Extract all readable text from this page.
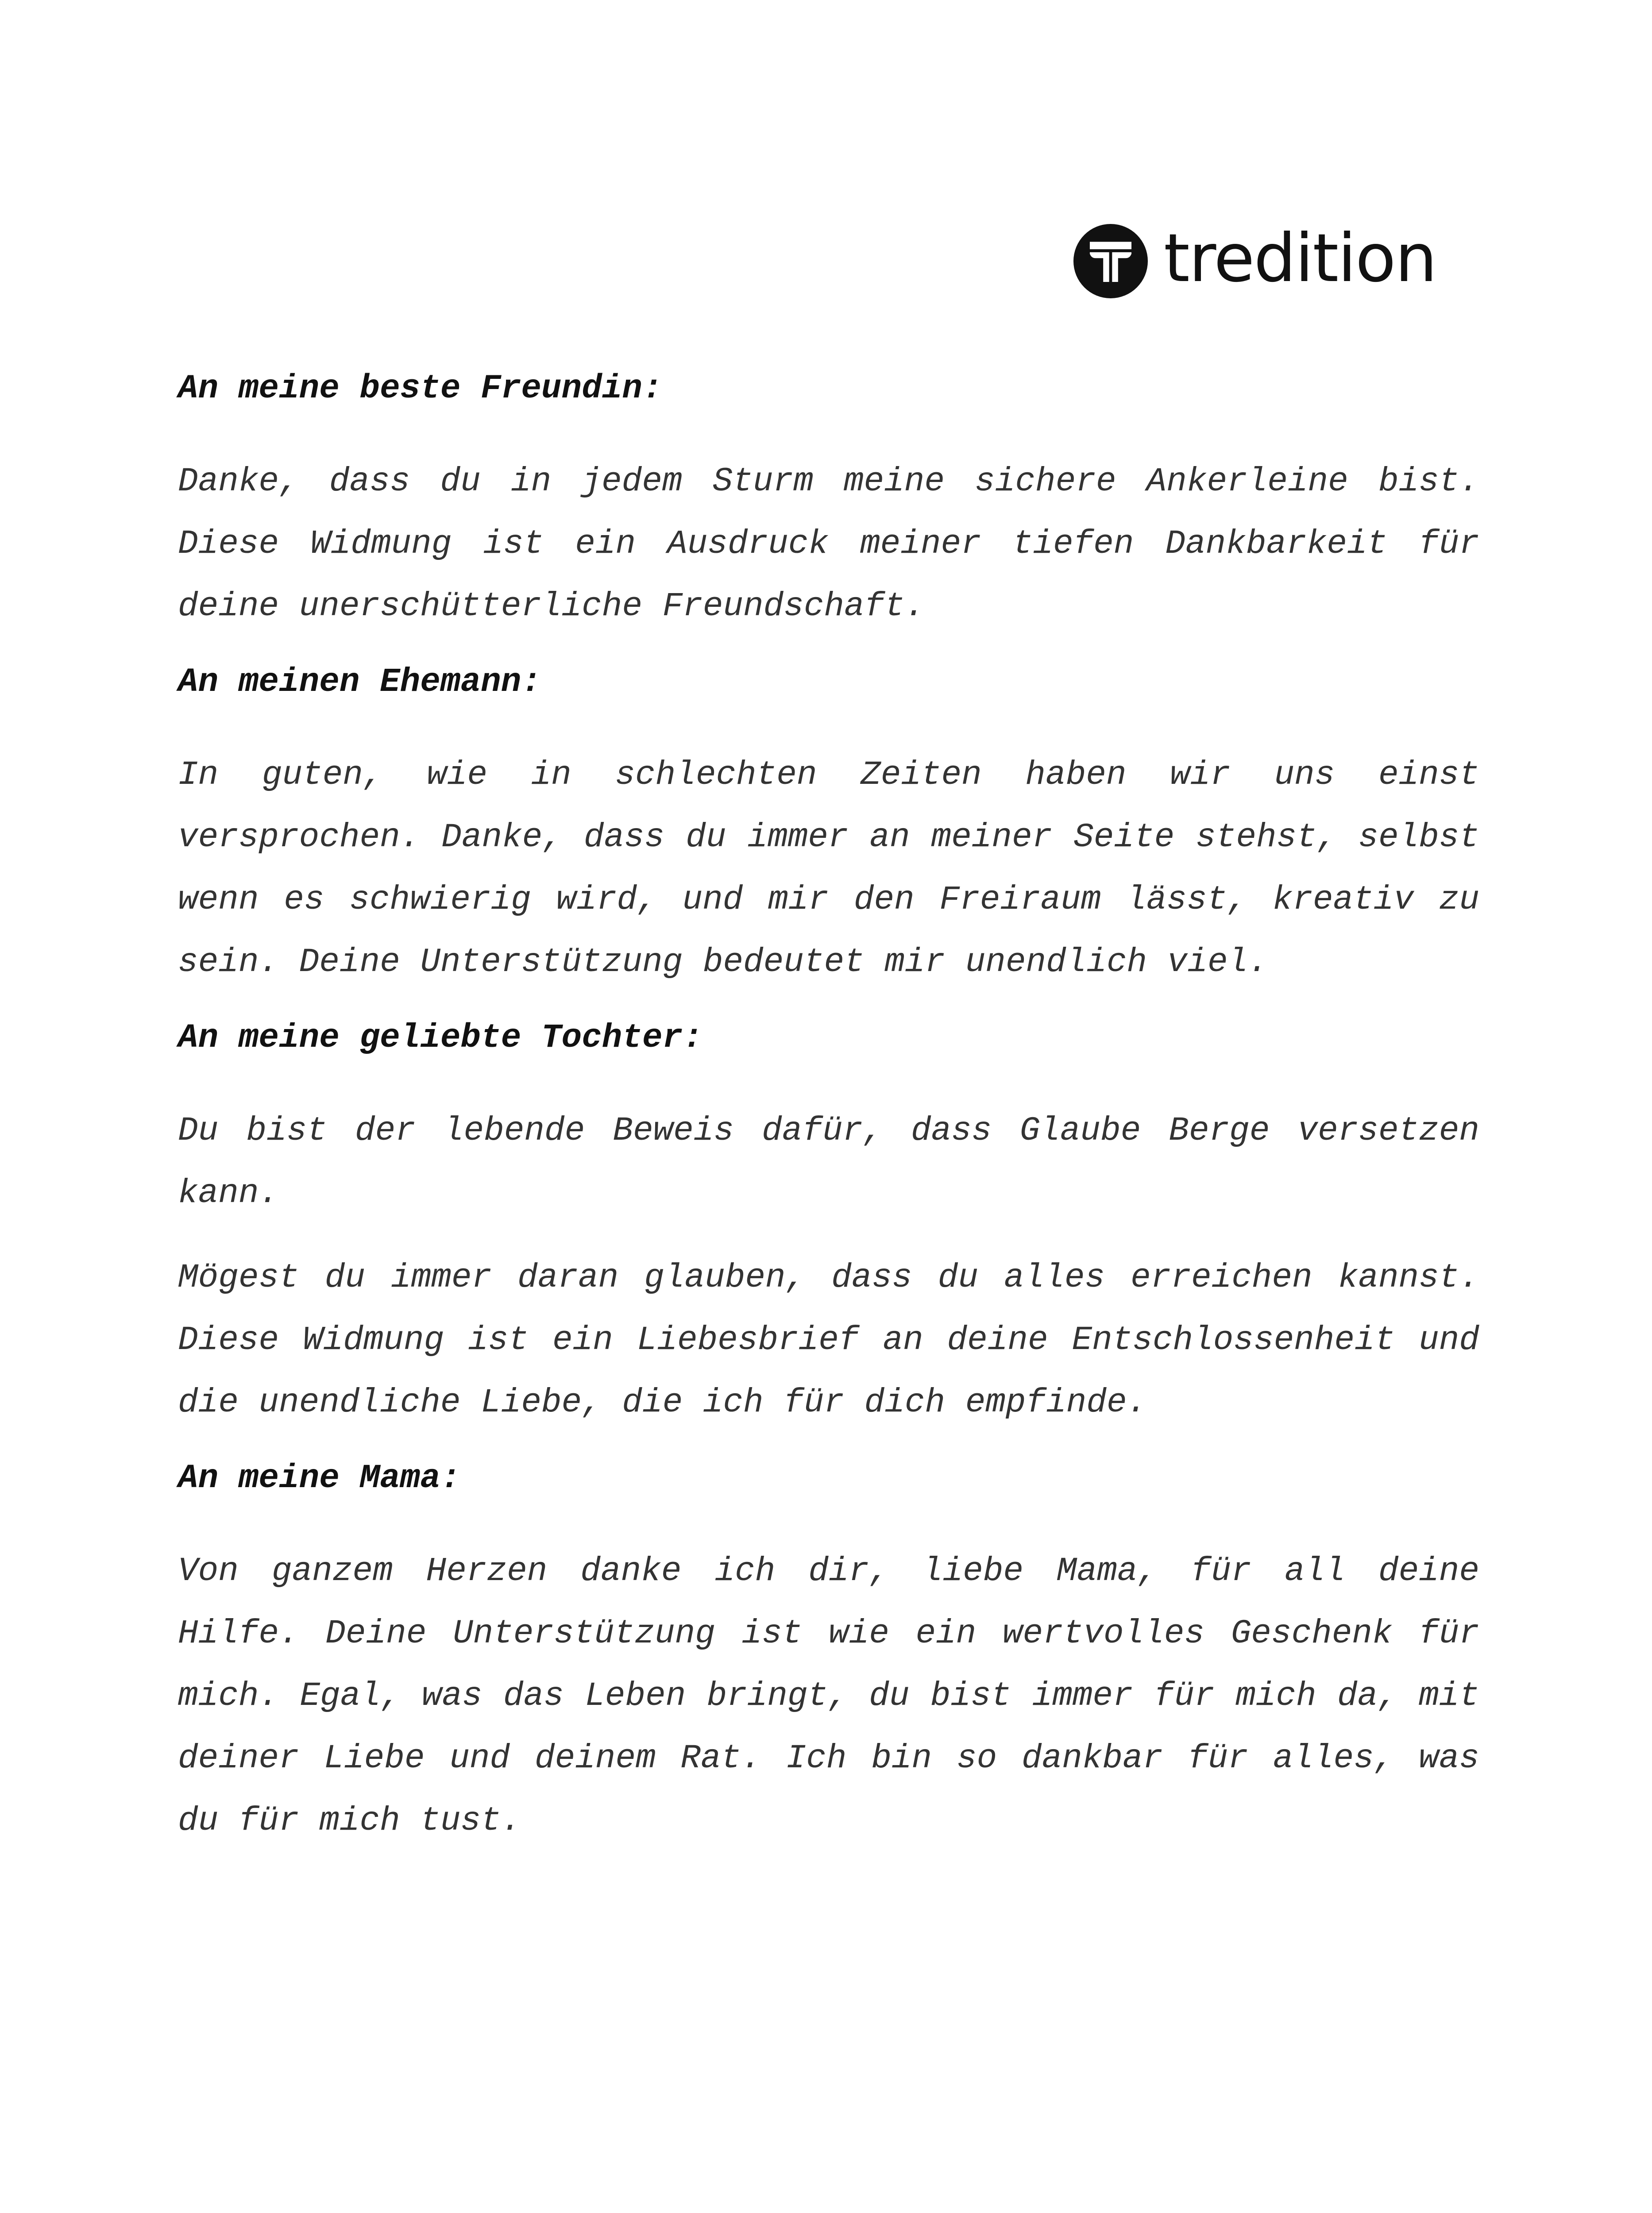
tredition

An meine beste Freundin:

Danke, dass du in jedem Sturm meine sichere Ankerleine bist. Diese Widmung ist ein Ausdruck meiner tiefen Dankbarkeit für deine unerschütterliche Freundschaft.

An meinen Ehemann:

In guten, wie in schlechten Zeiten haben wir uns einst versprochen. Danke, dass du immer an meiner Seite stehst, selbst wenn es schwierig wird, und mir den Freiraum lässt, kreativ zu sein. Deine Unterstützung bedeutet mir unendlich viel.

An meine geliebte Tochter:

Du bist der lebende Beweis dafür, dass Glaube Berge versetzen kann.

Mögest du immer daran glauben, dass du alles erreichen kannst. Diese Widmung ist ein Liebesbrief an deine Entschlossenheit und die unendliche Liebe, die ich für dich empfinde.

An meine Mama:

Von ganzem Herzen danke ich dir, liebe Mama, für all deine Hilfe. Deine Unterstützung ist wie ein wertvolles Geschenk für mich. Egal, was das Leben bringt, du bist immer für mich da, mit deiner Liebe und deinem Rat. Ich bin so dankbar für alles, was du für mich tust.
